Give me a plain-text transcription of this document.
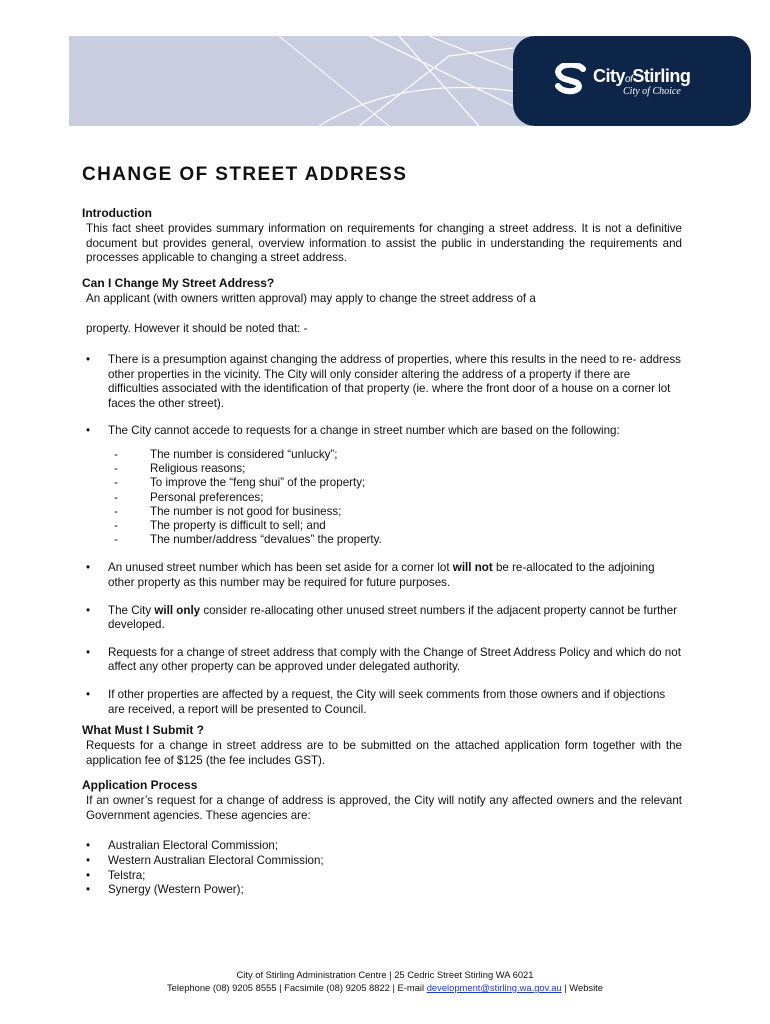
CityofStirling
City of Choice
CHANGE OF STREET ADDRESS
Introduction

This fact sheet provides summary information on requirements for changing a street address. It is not a definitive document but provides general, overview information to assist the public in understanding the requirements and processes applicable to changing a street address.

Can I Change My Street Address?

An applicant (with owners written approval) may apply to change the street address of a

property. However it should be noted that: -

• There is a presumption against changing the address of properties, where this results in the need to re- address other properties in the vicinity. The City will only consider altering the address of a property if there are difficulties associated with the identification of that property (ie. where the front door of a house on a corner lot faces the other street).
• The City cannot accede to requests for a change in street number which are based on the following:
- The number is considered “unlucky”;
- Religious reasons;
- To improve the “feng shui” of the property;
- Personal preferences;
- The number is not good for business;
- The property is difficult to sell; and
- The number/address “devalues” the property.
• An unused street number which has been set aside for a corner lot will not be re-allocated to the adjoining other property as this number may be required for future purposes.
• The City will only consider re-allocating other unused street numbers if the adjacent property cannot be further developed.
• Requests for a change of street address that comply with the Change of Street Address Policy and which do not affect any other property can be approved under delegated authority.
• If other properties are affected by a request, the City will seek comments from those owners and if objections are received, a report will be presented to Council.
What Must I Submit ?

Requests for a change in street address are to be submitted on the attached application form together with the application fee of $125 (the fee includes GST).

Application Process

If an owner’s request for a change of address is approved, the City will notify any affected owners and the relevant Government agencies. These agencies are:

• Australian Electoral Commission;
• Western Australian Electoral Commission;
• Telstra;
• Synergy (Western Power);
City of Stirling Administration Centre | 25 Cedric Street Stirling WA 6021
Telephone (08) 9205 8555 | Facsimile (08) 9205 8822 | E-mail development@stirling.wa.gov.au | Website
